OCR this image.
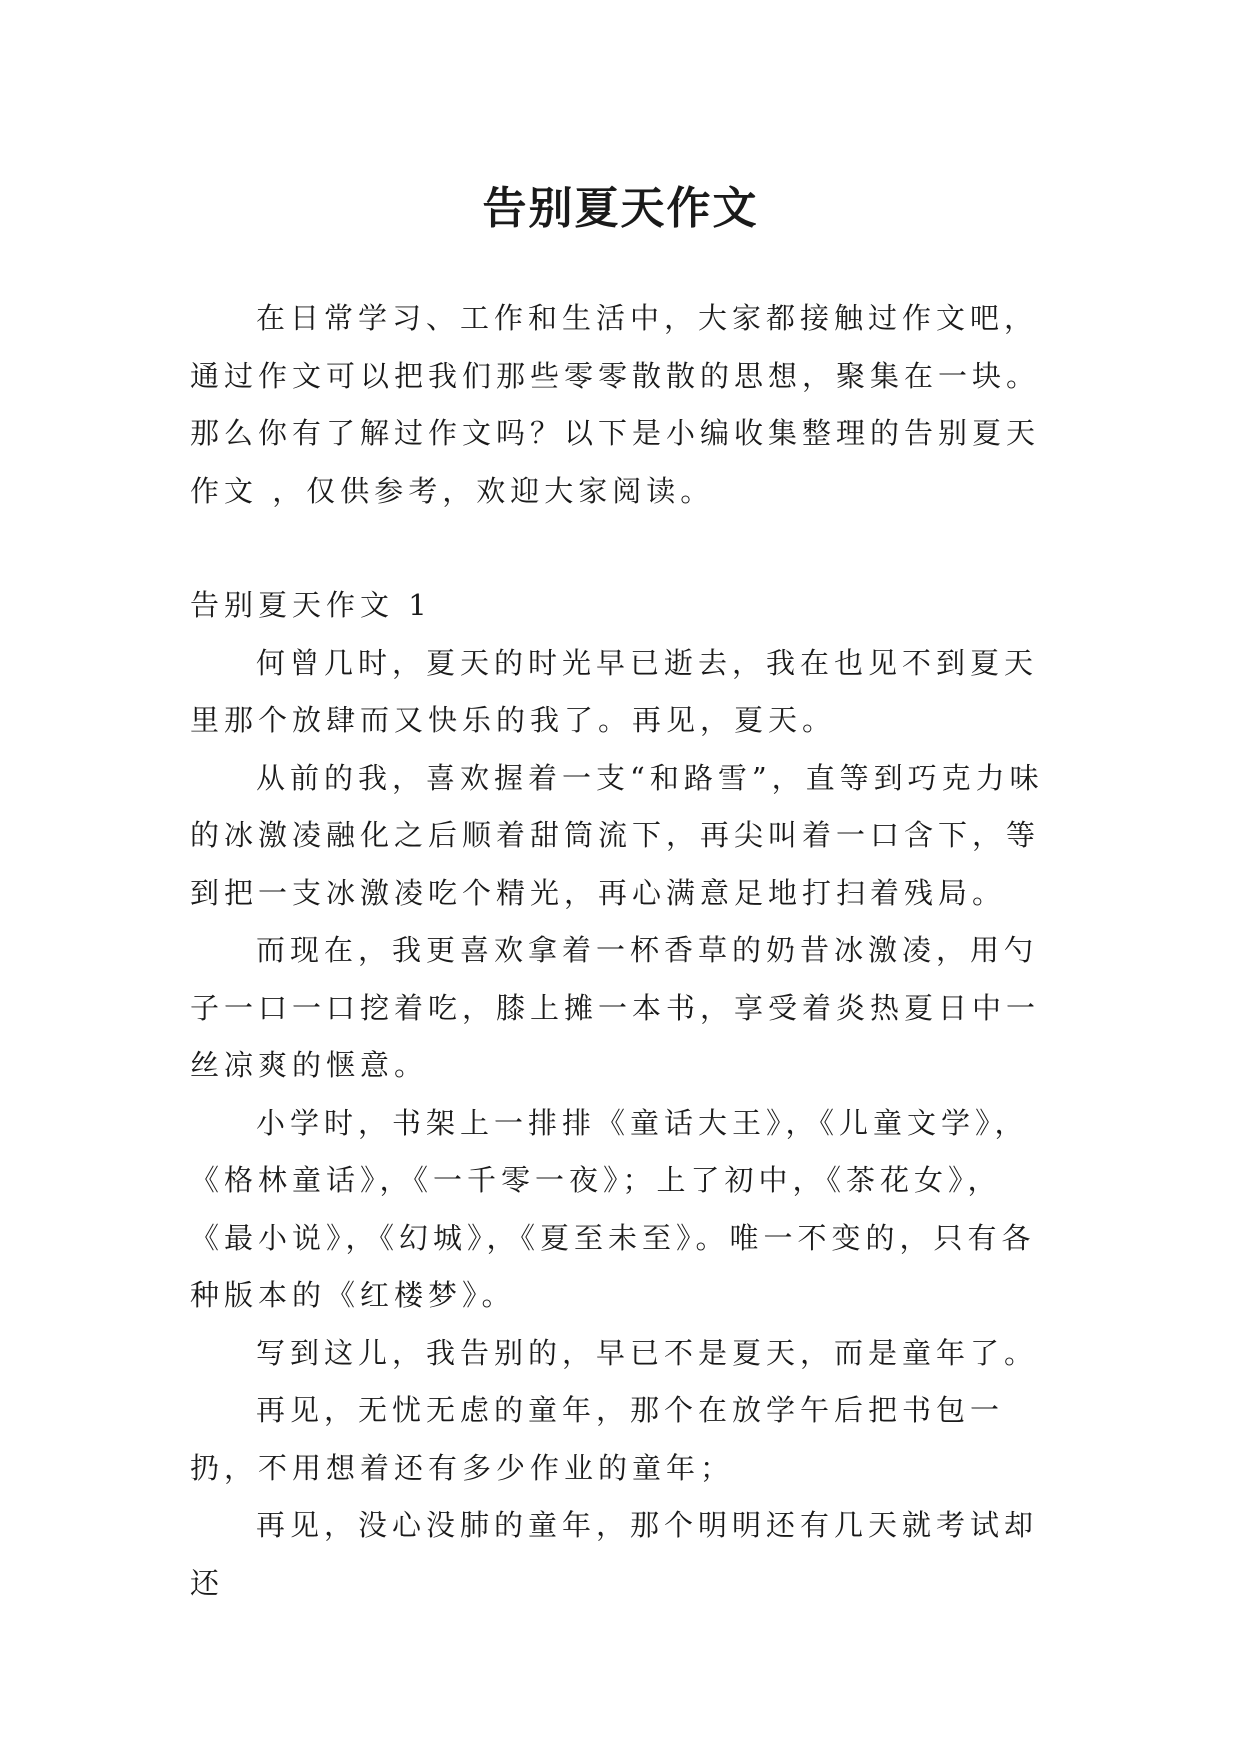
告别夏天作文

在日常学习、工作和生活中，大家都接触过作文吧，通过作文可以把我们那些零零散散的思想，聚集在一块。那么你有了解过作文吗？以下是小编收集整理的告别夏天作文 ，仅供参考，欢迎大家阅读。

告别夏天作文 1

何曾几时，夏天的时光早已逝去，我在也见不到夏天里那个放肆而又快乐的我了。再见，夏天。

从前的我，喜欢握着一支“和路雪”，直等到巧克力味的冰激凌融化之后顺着甜筒流下，再尖叫着一口含下，等到把一支冰激凌吃个精光，再心满意足地打扫着残局。

而现在，我更喜欢拿着一杯香草的奶昔冰激凌，用勺子一口一口挖着吃，膝上摊一本书，享受着炎热夏日中一丝凉爽的惬意。

小学时，书架上一排排《童话大王》，《儿童文学》，《格林童话》，《一千零一夜》；上了初中，《茶花女》，《最小说》，《幻城》，《夏至未至》。唯一不变的，只有各种版本的《红楼梦》。

写到这儿，我告别的，早已不是夏天，而是童年了。

再见，无忧无虑的童年，那个在放学午后把书包一扔，不用想着还有多少作业的童年；

再见，没心没肺的童年，那个明明还有几天就考试却还
